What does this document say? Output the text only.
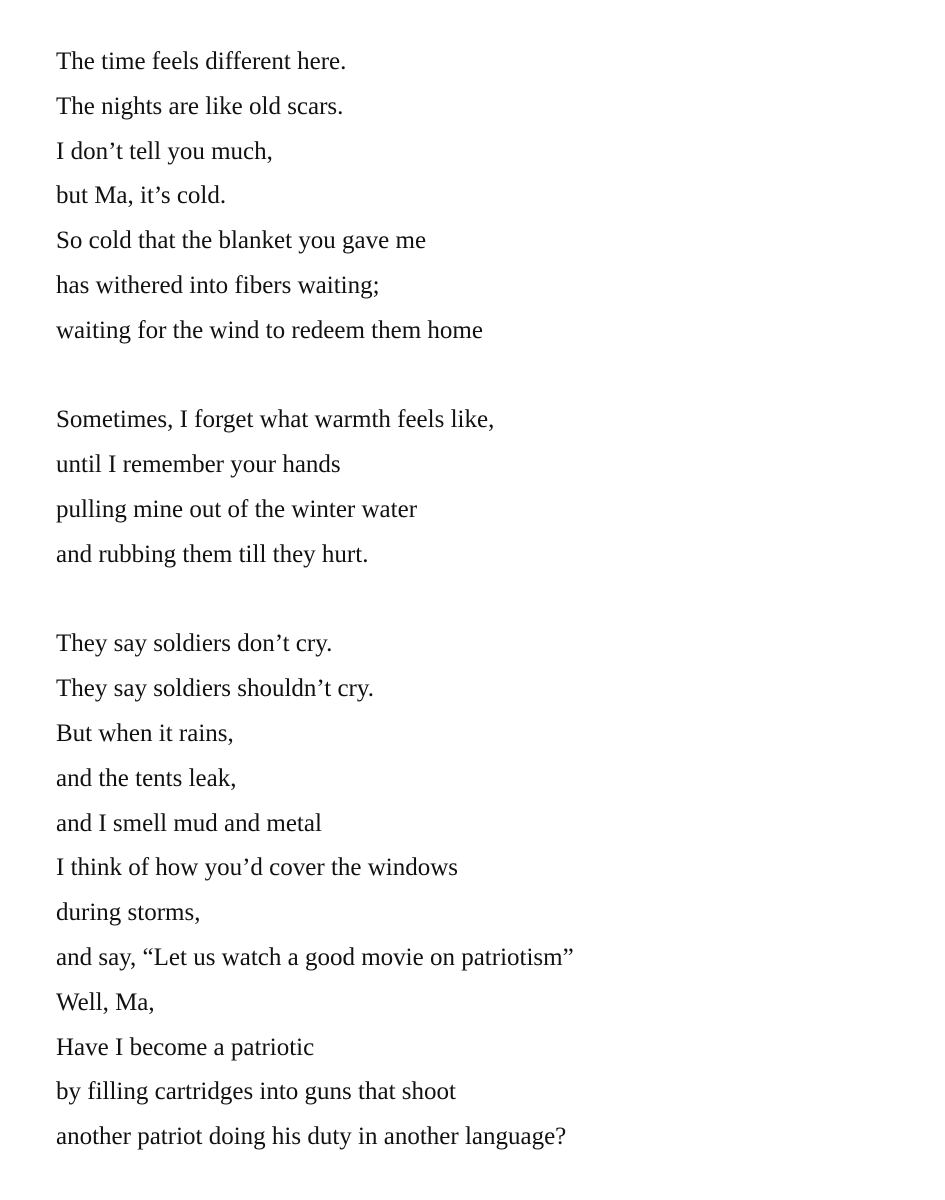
The time feels different here.
The nights are like old scars.
I don’t tell you much,
but Ma, it’s cold.
So cold that the blanket you gave me
has withered into fibers waiting;
waiting for the wind to redeem them home
Sometimes, I forget what warmth feels like,
until I remember your hands
pulling mine out of the winter water
and rubbing them till they hurt.
They say soldiers don’t cry.
They say soldiers shouldn’t cry.
But when it rains,
and the tents leak,
and I smell mud and metal
I think of how you’d cover the windows
during storms,
and say, “Let us watch a good movie on patriotism”
Well, Ma,
Have I become a patriotic
by filling cartridges into guns that shoot
another patriot doing his duty in another language?
